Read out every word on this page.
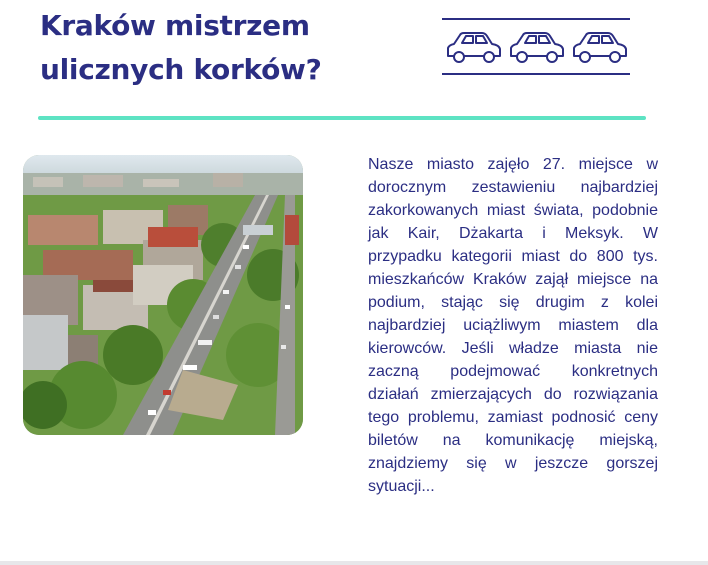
Kraków mistrzem
ulicznych korków?
Nasze miasto zajęło 27. miejsce w dorocznym zestawieniu najbardziej zakorkowanych miast świata, podobnie jak Kair, Dżakarta i Meksyk. W przypadku kategorii miast do 800 tys. mieszkańców Kraków zajął miejsce na podium, stając się drugim z kolei najbardziej uciążliwym miastem dla kierowców. Jeśli władze miasta nie zaczną podejmować konkretnych działań zmierzających do rozwiązania tego problemu, zamiast podnosić ceny biletów na komunikację miejską, znajdziemy się w jeszcze gorszej sytuacji...
